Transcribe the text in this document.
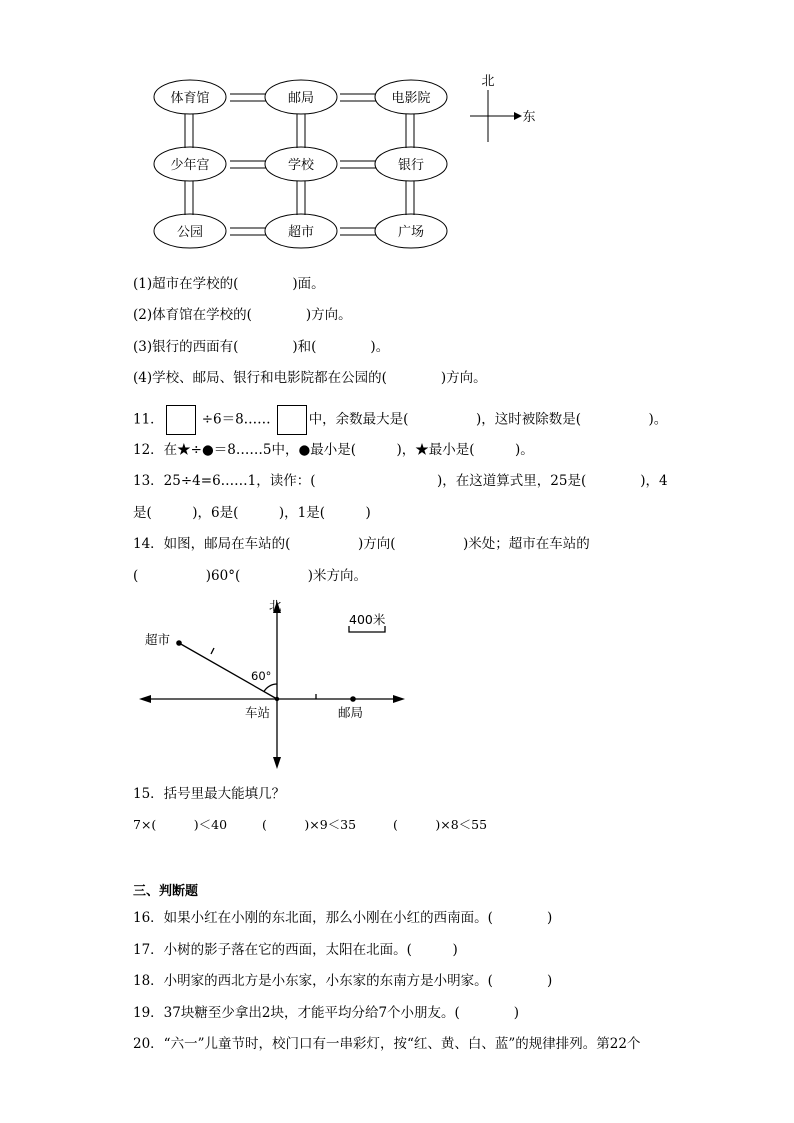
体育馆	邮局	电影院
少年宫	学校	银行
公园	超市	广场
北
东
(1)超市在学校的(　　　　)面。
(2)体育馆在学校的(　　　　)方向。
(3)银行的西面有(　　　　)和(　　　　)。
(4)学校、邮局、银行和电影院都在公园的(　　　　)方向。
11．	÷6＝8……	中，余数最大是(　　　　　)，这时被除数是(　　　　　)。
12．在★÷●＝8……5中，●最小是(　　　)，★最小是(　　　)。
13．25÷4=6……1，读作：(　　　　　　　　　)，在这道算式里，25是(　　　　)，4
是(　　　)，6是(　　　)，1是(　　　)
14．如图，邮局在车站的(　　　　　)方向(　　　　　)米处；超市在车站的
(　　　　　)60°(　　　　　)米方向。
北
400米
超市
60°
车站	邮局
15．括号里最大能填几？
7×(　　　)＜40	(　　　)×9＜35	(　　　)×8＜55
三、判断题
16．如果小红在小刚的东北面，那么小刚在小红的西南面。(　　　　)
17．小树的影子落在它的西面，太阳在北面。(　　　)
18．小明家的西北方是小东家，小东家的东南方是小明家。(　　　　)
19．37块糖至少拿出2块，才能平均分给7个小朋友。(　　　　)
20．“六一”儿童节时，校门口有一串彩灯，按“红、黄、白、蓝”的规律排列。第22个
